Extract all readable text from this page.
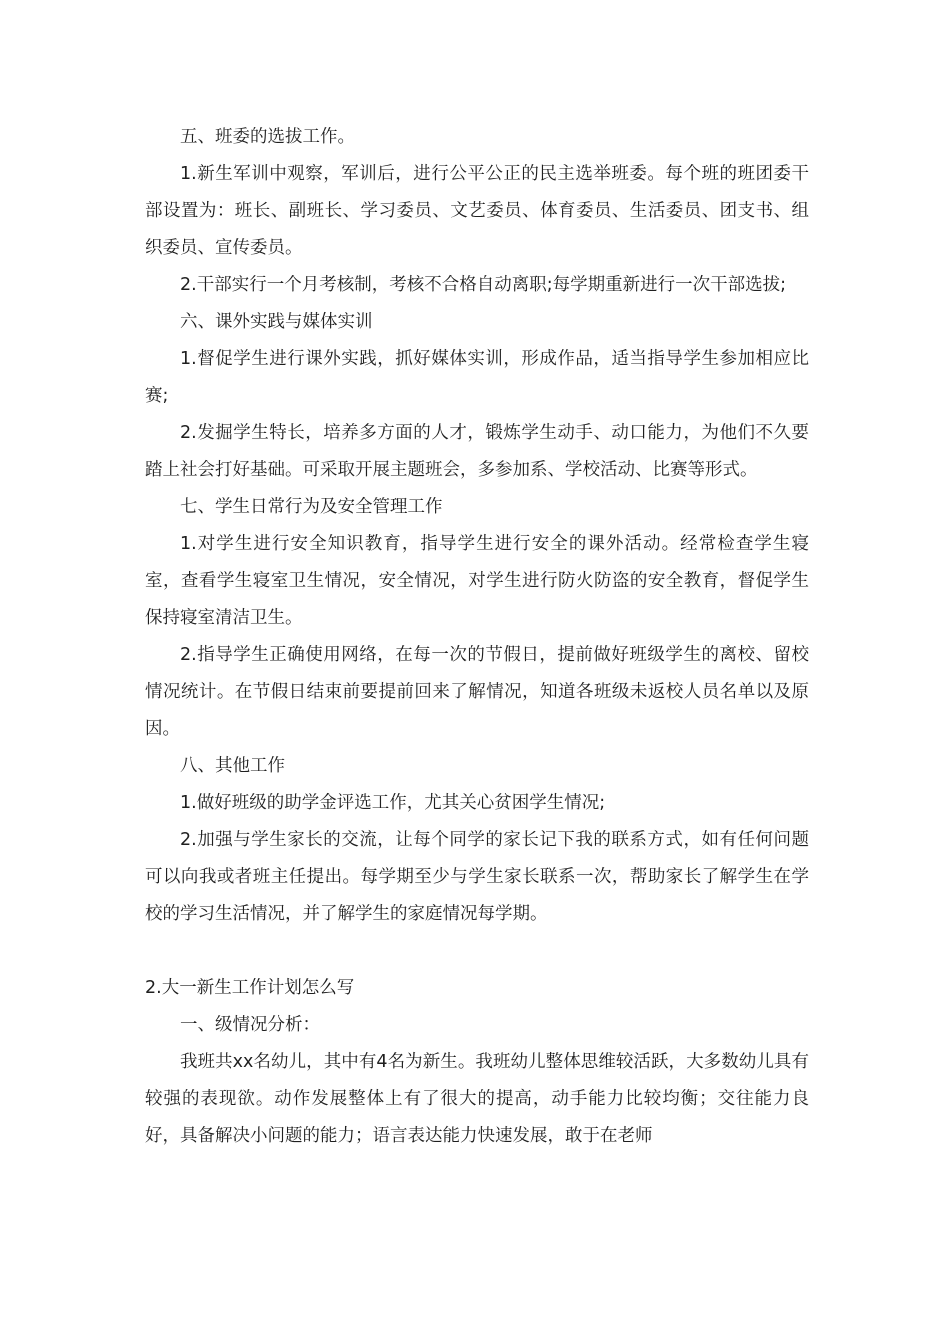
五、班委的选拔工作。

1.新生军训中观察，军训后，进行公平公正的民主选举班委。每个班的班团委干部设置为：班长、副班长、学习委员、文艺委员、体育委员、生活委员、团支书、组织委员、宣传委员。

2.干部实行一个月考核制，考核不合格自动离职;每学期重新进行一次干部选拔;

六、课外实践与媒体实训

1.督促学生进行课外实践，抓好媒体实训，形成作品，适当指导学生参加相应比赛;

2.发掘学生特长，培养多方面的人才，锻炼学生动手、动口能力，为他们不久要踏上社会打好基础。可采取开展主题班会，多参加系、学校活动、比赛等形式。

七、学生日常行为及安全管理工作

1.对学生进行安全知识教育，指导学生进行安全的课外活动。经常检查学生寝室，查看学生寝室卫生情况，安全情况，对学生进行防火防盗的安全教育，督促学生保持寝室清洁卫生。

2.指导学生正确使用网络，在每一次的节假日，提前做好班级学生的离校、留校情况统计。在节假日结束前要提前回来了解情况，知道各班级未返校人员名单以及原因。

八、其他工作

1.做好班级的助学金评选工作，尤其关心贫困学生情况;

2.加强与学生家长的交流，让每个同学的家长记下我的联系方式，如有任何问题可以向我或者班主任提出。每学期至少与学生家长联系一次，帮助家长了解学生在学校的学习生活情况，并了解学生的家庭情况每学期。

2.大一新生工作计划怎么写

一、级情况分析：

我班共xx名幼儿，其中有4名为新生。我班幼儿整体思维较活跃，大多数幼儿具有较强的表现欲。动作发展整体上有了很大的提高，动手能力比较均衡；交往能力良好，具备解决小问题的能力；语言表达能力快速发展，敢于在老师
